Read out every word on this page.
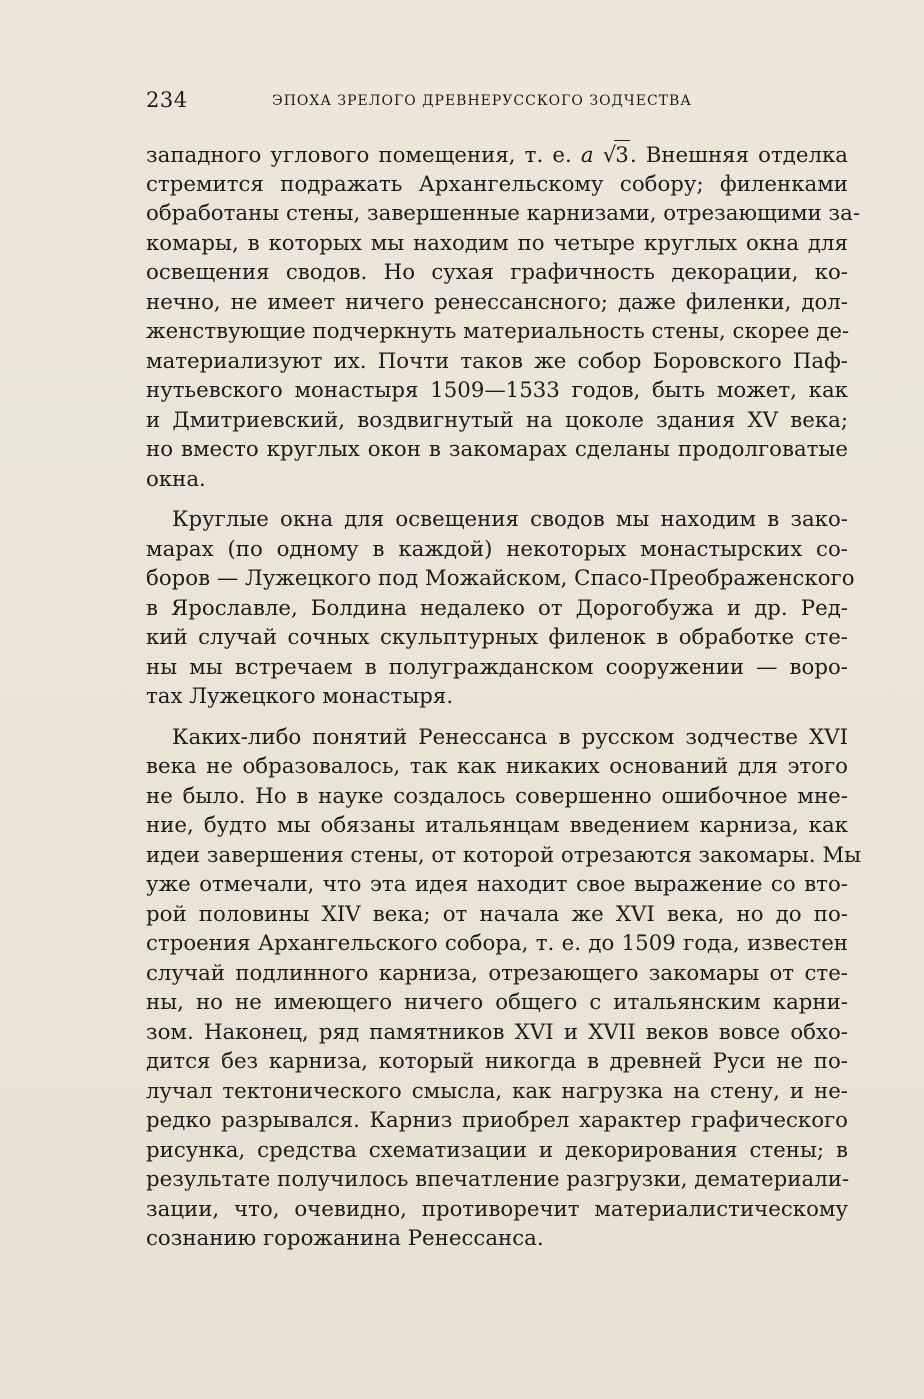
234	ЭПОХА ЗРЕЛОГО ДРЕВНЕРУССКОГО ЗОДЧЕСТВА
западного углового помещения, т. е. a √3. Внешняя отделка
стремится подражать Архангельскому собору; филенками
обработаны стены, завершенные карнизами, отрезающими за-
комары, в которых мы находим по четыре круглых окна для
освещения сводов. Но сухая графичность декорации, ко-
нечно, не имеет ничего ренессансного; даже филенки, дол-
женствующие подчеркнуть материальность стены, скорее де-
материализуют их. Почти таков же собор Боровского Паф-
нутьевского монастыря 1509—1533 годов, быть может, как
и Дмитриевский, воздвигнутый на цоколе здания XV века;
но вместо круглых окон в закомарах сделаны продолговатые
окна.
Круглые окна для освещения сводов мы находим в зако-
марах (по одному в каждой) некоторых монастырских со-
боров — Лужецкого под Можайском, Спасо-Преображенского
в Ярославле, Болдина недалеко от Дорогобужа и др. Ред-
кий случай сочных скульптурных филенок в обработке сте-
ны мы встречаем в полугражданском сооружении — воро-
тах Лужецкого монастыря.
Каких-либо понятий Ренессанса в русском зодчестве XVI
века не образовалось, так как никаких оснований для этого
не было. Но в науке создалось совершенно ошибочное мне-
ние, будто мы обязаны итальянцам введением карниза, как
идеи завершения стены, от которой отрезаются закомары. Мы
уже отмечали, что эта идея находит свое выражение со вто-
рой половины XIV века; от начала же XVI века, но до по-
строения Архангельского собора, т. е. до 1509 года, известен
случай подлинного карниза, отрезающего закомары от сте-
ны, но не имеющего ничего общего с итальянским карни-
зом. Наконец, ряд памятников XVI и XVII веков вовсе обхо-
дится без карниза, который никогда в древней Руси не по-
лучал тектонического смысла, как нагрузка на стену, и не-
редко разрывался. Карниз приобрел характер графического
рисунка, средства схематизации и декорирования стены; в
результате получилось впечатление разгрузки, дематериали-
зации, что, очевидно, противоречит материалистическому
сознанию горожанина Ренессанса.
